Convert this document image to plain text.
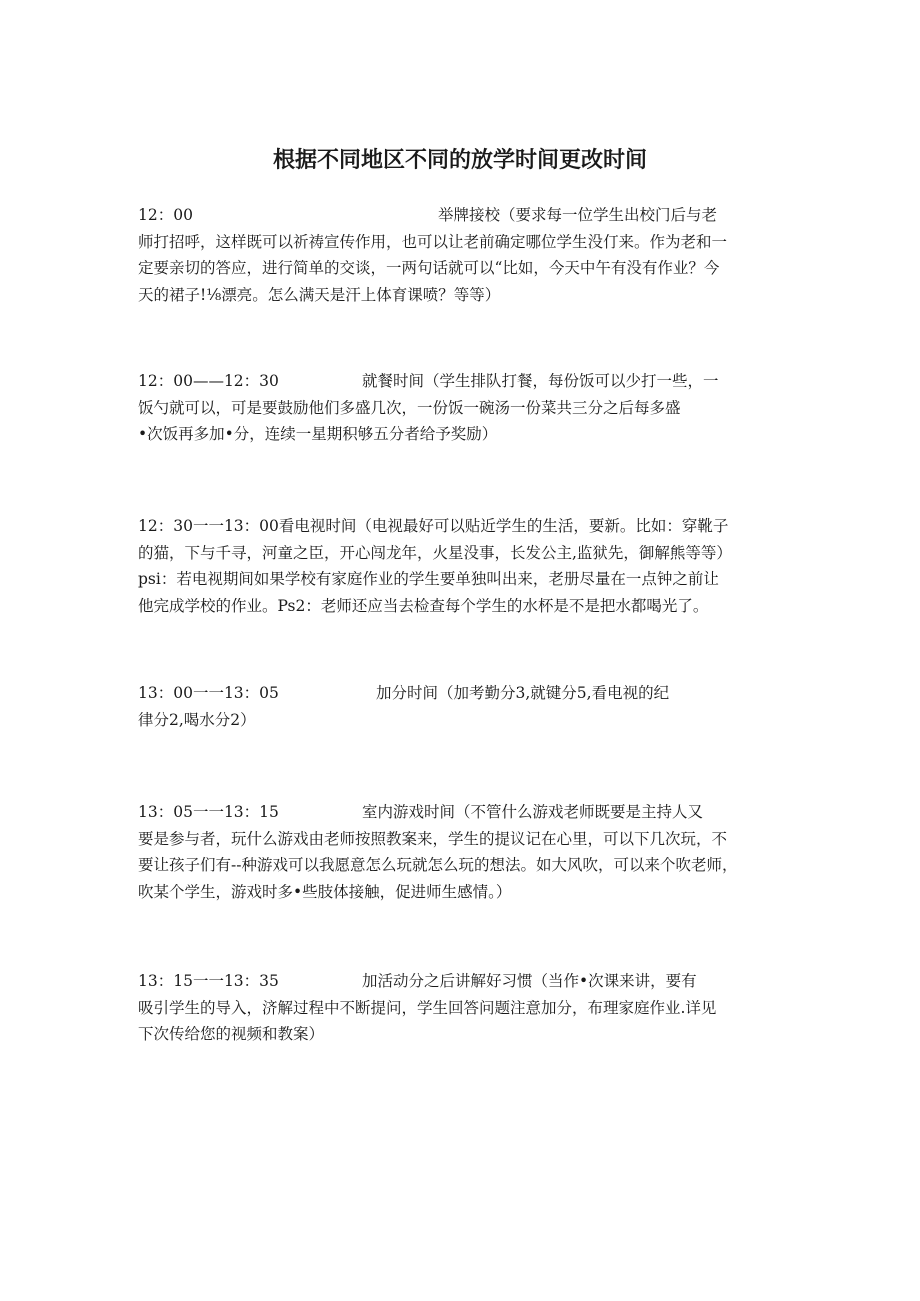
根据不同地区不同的放学时间更改时间
12：00	举牌接校（要求每一位学生出校门后与老
师打招呼，这样既可以祈祷宣传作用，也可以让老前确定哪位学生没仃来。作为老和一
定要亲切的答应，进行简单的交谈，一两句话就可以“比如，今天中午有没有作业？今
天的裙子!⅛漂亮。怎么满天是汗上体育课喷？等等）
12：00——12：30	就餐时间（学生排队打餐，每份饭可以少打一些，一
饭勺就可以，可是要鼓励他们多盛几次，一份饭一碗汤一份菜共三分之后每多盛
•次饭再多加•分，连续一星期积够五分者给予奖励）
12：30一一13：00看电视时间（电视最好可以贴近学生的生活，要新。比如：穿靴子
的猫，下与千寻，河童之臣，开心闯龙年，火星没事，长发公主,监狱先，御解熊等等）
psi：若电视期间如果学校有家庭作业的学生要单独叫出来，老册尽量在一点钟之前让
他完成学校的作业。Ps2：老师还应当去检查每个学生的水杯是不是把水都喝光了。
13：00一一13：05	加分时间（加考勤分3,就键分5,看电视的纪
律分2,喝水分2）
13：05一一13：15	室内游戏时间（不管什么游戏老师既要是主持人又
要是参与者，玩什么游戏由老师按照教案来，学生的提议记在心里，可以下几次玩，不
要让孩子们有--种游戏可以我愿意怎么玩就怎么玩的想法。如大风吹，可以来个吹老师，
吹某个学生，游戏时多•些肢体接触，促进师生感情。）
13：15一一13：35	加活动分之后讲解好习惯（当作•次课来讲，要有
吸引学生的导入，济解过程中不断提问，学生回答问题注意加分，布理家庭作业.详见
下次传给您的视频和教案）
